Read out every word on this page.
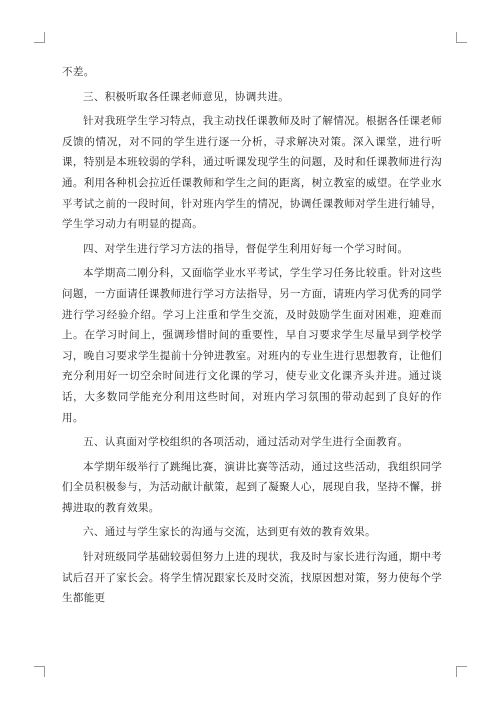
不差。

三、积极听取各任课老师意见，协调共进。

针对我班学生学习特点，我主动找任课教师及时了解情况。根据各任课老师反馈的情况，对不同的学生进行逐一分析，寻求解决对策。深入课堂，进行听课，特别是本班较弱的学科，通过听课发现学生的问题，及时和任课教师进行沟通。利用各种机会拉近任课教师和学生之间的距离，树立教室的威望。在学业水平考试之前的一段时间，针对班内学生的情况，协调任课教师对学生进行辅导，学生学习动力有明显的提高。

四、对学生进行学习方法的指导，督促学生利用好每一个学习时间。

本学期高二刚分科，又面临学业水平考试，学生学习任务比较重。针对这些问题，一方面请任课教师进行学习方法指导，另一方面，请班内学习优秀的同学进行学习经验介绍。学习上注重和学生交流，及时鼓励学生面对困难，迎难而上。在学习时间上，强调珍惜时间的重要性，早自习要求学生尽量早到学校学习，晚自习要求学生提前十分钟进教室。对班内的专业生进行思想教育，让他们充分利用好一切空余时间进行文化课的学习，使专业文化课齐头并进。通过谈话，大多数同学能充分利用这些时间，对班内学习氛围的带动起到了良好的作用。

五、认真面对学校组织的各项活动，通过活动对学生进行全面教育。

本学期年级举行了跳绳比赛，演讲比赛等活动，通过这些活动，我组织同学们全员积极参与，为活动献计献策，起到了凝聚人心，展现自我，坚持不懈，拼搏进取的教育效果。

六、通过与学生家长的沟通与交流，达到更有效的教育效果。

针对班级同学基础较弱但努力上进的现状，我及时与家长进行沟通，期中考试后召开了家长会。将学生情况跟家长及时交流，找原因想对策，努力使每个学生都能更
